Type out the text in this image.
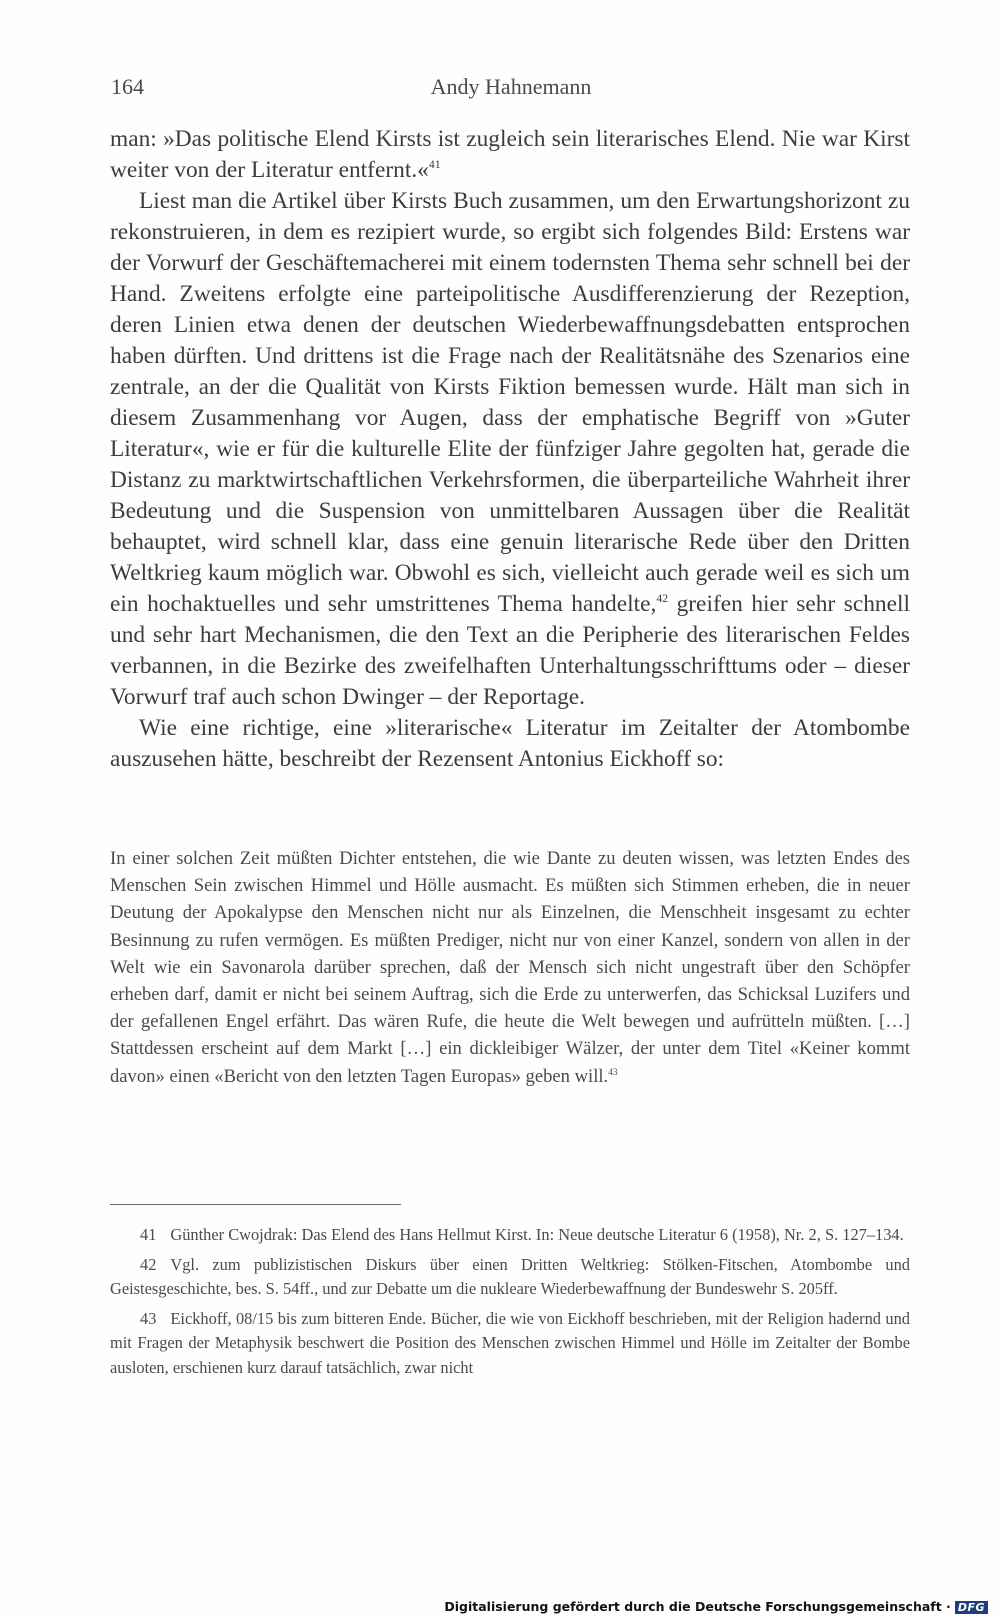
164	Andy Hahnemann

man: »Das politische Elend Kirsts ist zugleich sein literarisches Elend. Nie war Kirst weiter von der Literatur entfernt.«$^{41}$

Liest man die Artikel über Kirsts Buch zusammen, um den Erwartungshorizont zu rekonstruieren, in dem es rezipiert wurde, so ergibt sich folgendes Bild: Erstens war der Vorwurf der Geschäftemacherei mit einem todernsten Thema sehr schnell bei der Hand. Zweitens erfolgte eine parteipolitische Ausdifferenzierung der Rezeption, deren Linien etwa denen der deutschen Wiederbewaffnungsdebatten entsprochen haben dürften. Und drittens ist die Frage nach der Realitätsnähe des Szenarios eine zentrale, an der die Qualität von Kirsts Fiktion bemessen wurde. Hält man sich in diesem Zusammenhang vor Augen, dass der emphatische Begriff von »Guter Literatur«, wie er für die kulturelle Elite der fünfziger Jahre gegolten hat, gerade die Distanz zu marktwirtschaftlichen Verkehrsformen, die überparteiliche Wahrheit ihrer Bedeutung und die Suspension von unmittelbaren Aussagen über die Realität behauptet, wird schnell klar, dass eine genuin literarische Rede über den Dritten Weltkrieg kaum möglich war. Obwohl es sich, vielleicht auch gerade weil es sich um ein hochaktuelles und sehr umstrittenes Thema handelte,$^{42}$ greifen hier sehr schnell und sehr hart Mechanismen, die den Text an die Peripherie des literarischen Feldes verbannen, in die Bezirke des zweifelhaften Unterhaltungsschrifttums oder – dieser Vorwurf traf auch schon Dwinger – der Reportage.

Wie eine richtige, eine »literarische« Literatur im Zeitalter der Atombombe auszusehen hätte, beschreibt der Rezensent Antonius Eickhoff so:

In einer solchen Zeit müßten Dichter entstehen, die wie Dante zu deuten wissen, was letzten Endes des Menschen Sein zwischen Himmel und Hölle ausmacht. Es müßten sich Stimmen erheben, die in neuer Deutung der Apokalypse den Menschen nicht nur als Einzelnen, die Menschheit insgesamt zu echter Besinnung zu rufen vermögen. Es müßten Prediger, nicht nur von einer Kanzel, sondern von allen in der Welt wie ein Savonarola darüber sprechen, daß der Mensch sich nicht ungestraft über den Schöpfer erheben darf, damit er nicht bei seinem Auftrag, sich die Erde zu unterwerfen, das Schicksal Luzifers und der gefallenen Engel erfährt. Das wären Rufe, die heute die Welt bewegen und aufrütteln müßten. […] Stattdessen erscheint auf dem Markt […] ein dickleibiger Wälzer, der unter dem Titel «Keiner kommt davon» einen «Bericht von den letzten Tagen Europas» geben will.$^{43}$

41 Günther Cwojdrak: Das Elend des Hans Hellmut Kirst. In: Neue deutsche Literatur 6 (1958), Nr. 2, S. 127–134.

42 Vgl. zum publizistischen Diskurs über einen Dritten Weltkrieg: Stölken-Fitschen, Atombombe und Geistesgeschichte, bes. S. 54ff., und zur Debatte um die nukleare Wiederbewaffnung der Bundeswehr S. 205ff.

43 Eickhoff, 08/15 bis zum bitteren Ende. Bücher, die wie von Eickhoff beschrieben, mit der Religion hadernd und mit Fragen der Metaphysik beschwert die Position des Menschen zwischen Himmel und Hölle im Zeitalter der Bombe ausloten, erschienen kurz darauf tatsächlich, zwar nicht

Digitalisierung gefördert durch die Deutsche Forschungsgemeinschaft · DFG
